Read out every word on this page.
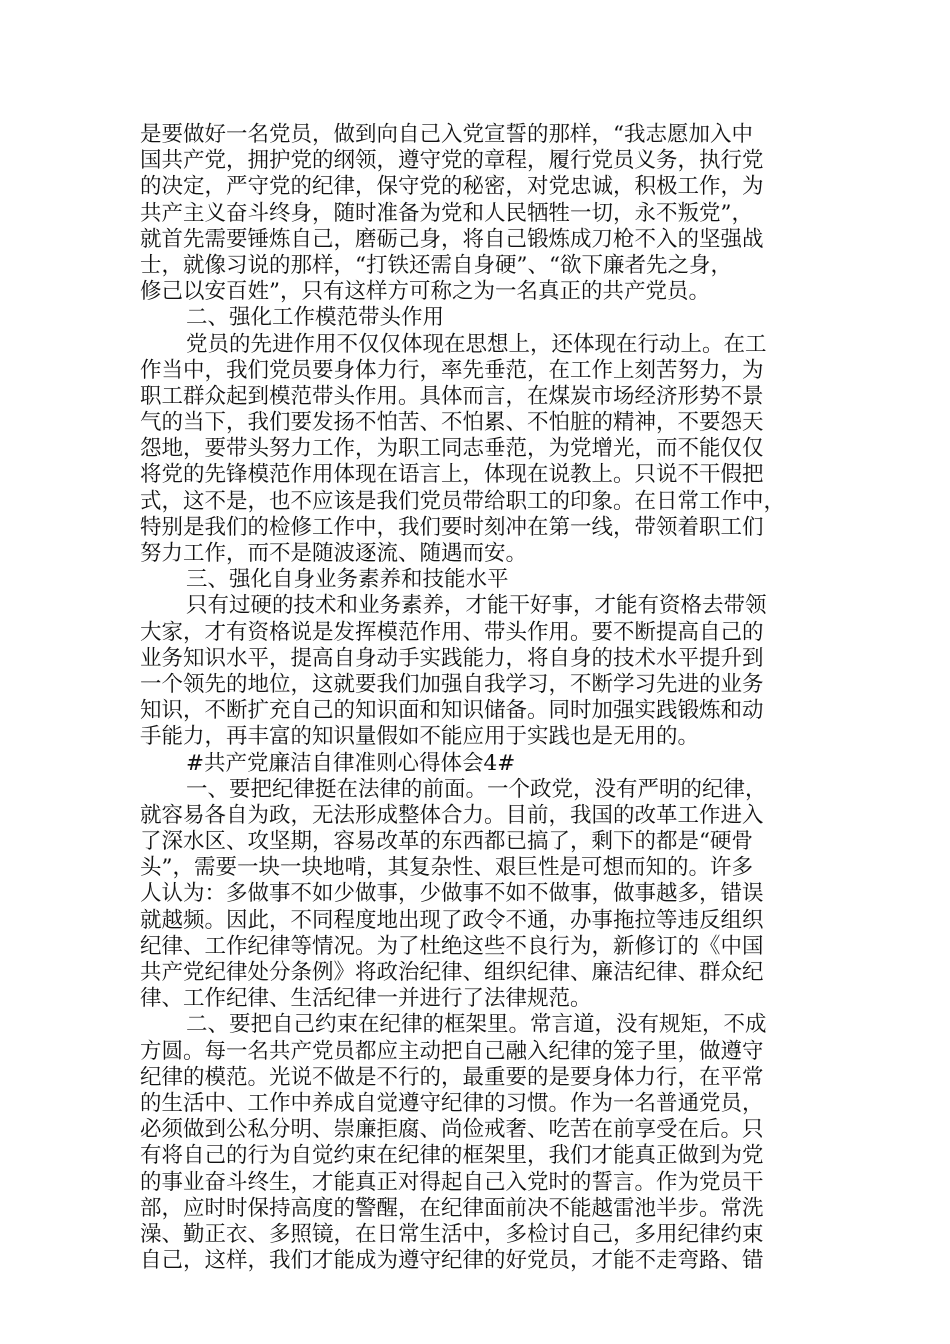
是要做好一名党员，做到向自己入党宣誓的那样，“我志愿加入中
国共产党，拥护党的纲领，遵守党的章程，履行党员义务，执行党
的决定，严守党的纪律，保守党的秘密，对党忠诚，积极工作，为
共产主义奋斗终身，随时准备为党和人民牺牲一切，永不叛党”，
就首先需要锤炼自己，磨砺己身，将自己锻炼成刀枪不入的坚强战
士，就像习说的那样，“打铁还需自身硬”、“欲下廉者先之身，
修己以安百姓”，只有这样方可称之为一名真正的共产党员。
二、强化工作模范带头作用
党员的先进作用不仅仅体现在思想上，还体现在行动上。在工
作当中，我们党员要身体力行，率先垂范，在工作上刻苦努力，为
职工群众起到模范带头作用。具体而言，在煤炭市场经济形势不景
气的当下，我们要发扬不怕苦、不怕累、不怕脏的精神，不要怨天
怨地，要带头努力工作，为职工同志垂范，为党增光，而不能仅仅
将党的先锋模范作用体现在语言上，体现在说教上。只说不干假把
式，这不是，也不应该是我们党员带给职工的印象。在日常工作中，
特别是我们的检修工作中，我们要时刻冲在第一线，带领着职工们
努力工作，而不是随波逐流、随遇而安。
三、强化自身业务素养和技能水平
只有过硬的技术和业务素养，才能干好事，才能有资格去带领
大家，才有资格说是发挥模范作用、带头作用。要不断提高自己的
业务知识水平，提高自身动手实践能力，将自身的技术水平提升到
一个领先的地位，这就要我们加强自我学习，不断学习先进的业务
知识，不断扩充自己的知识面和知识储备。同时加强实践锻炼和动
手能力，再丰富的知识量假如不能应用于实践也是无用的。
#共产党廉洁自律准则心得体会4#
一、要把纪律挺在法律的前面。一个政党，没有严明的纪律，
就容易各自为政，无法形成整体合力。目前，我国的改革工作进入
了深水区、攻坚期，容易改革的东西都已搞了，剩下的都是“硬骨
头”，需要一块一块地啃，其复杂性、艰巨性是可想而知的。许多
人认为：多做事不如少做事，少做事不如不做事，做事越多，错误
就越频。因此，不同程度地出现了政令不通，办事拖拉等违反组织
纪律、工作纪律等情况。为了杜绝这些不良行为，新修订的《中国
共产党纪律处分条例》将政治纪律、组织纪律、廉洁纪律、群众纪
律、工作纪律、生活纪律一并进行了法律规范。
二、要把自己约束在纪律的框架里。常言道，没有规矩，不成
方圆。每一名共产党员都应主动把自己融入纪律的笼子里，做遵守
纪律的模范。光说不做是不行的，最重要的是要身体力行，在平常
的生活中、工作中养成自觉遵守纪律的习惯。作为一名普通党员，
必须做到公私分明、崇廉拒腐、尚俭戒奢、吃苦在前享受在后。只
有将自己的行为自觉约束在纪律的框架里，我们才能真正做到为党
的事业奋斗终生，才能真正对得起自己入党时的誓言。作为党员干
部，应时时保持高度的警醒，在纪律面前决不能越雷池半步。常洗
澡、勤正衣、多照镜，在日常生活中，多检讨自己，多用纪律约束
自己，这样，我们才能成为遵守纪律的好党员，才能不走弯路、错
